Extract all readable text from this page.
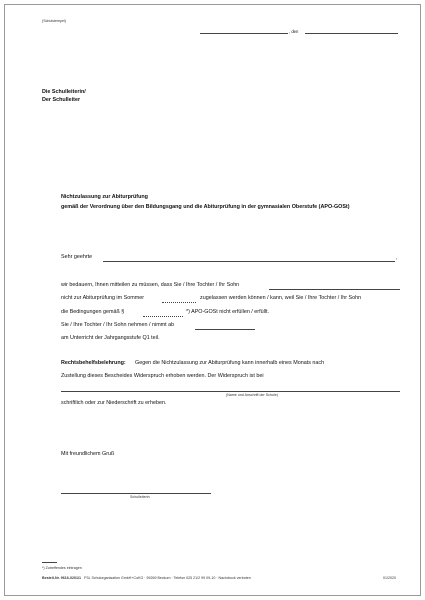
(Schulstempel)
, den
Die Schulleiterin/
Der Schulleiter
Nichtzulassung zur Abiturprüfung
gemäß der Verordnung über den Bildungsgang und die Abiturprüfung in der gymnasialen Oberstufe (APO-GOSt)
Sehr geehrte	,
wir bedauern, Ihnen mitteilen zu müssen, dass Sie / Ihre Tochter / Ihr Sohn
nicht zur Abiturprüfung im Sommer	zugelassen werden können / kann, weil Sie / Ihre Tochter / Ihr Sohn
die Bedingungen gemäß §	*) APO-GOSt nicht erfüllen / erfüllt.
Sie / Ihre Tochter / Ihr Sohn nehmen / nimmt ab
am Unterricht der Jahrgangsstufe Q1 teil.
Rechtsbehelfsbelehrung: Gegen die Nichtzulassung zur Abiturprüfung kann innerhalb eines Monats nach
Zustellung dieses Bescheides Widerspruch erhoben werden. Der Widerspruch ist bei
(Name und Anschrift der Schule)
schriftlich oder zur Niederschrift zu erheben.
Mit freundlichem Gruß
Schulleiterin
*) Zutreffendes eintragen
Bestell-Nr. 9616-0201/1 FSL Schulorganisation GmbH+CoKG · 59269 Beckum · Telefon 025 21/2 99 09-10 · Nachdruck verboten	01/2020
